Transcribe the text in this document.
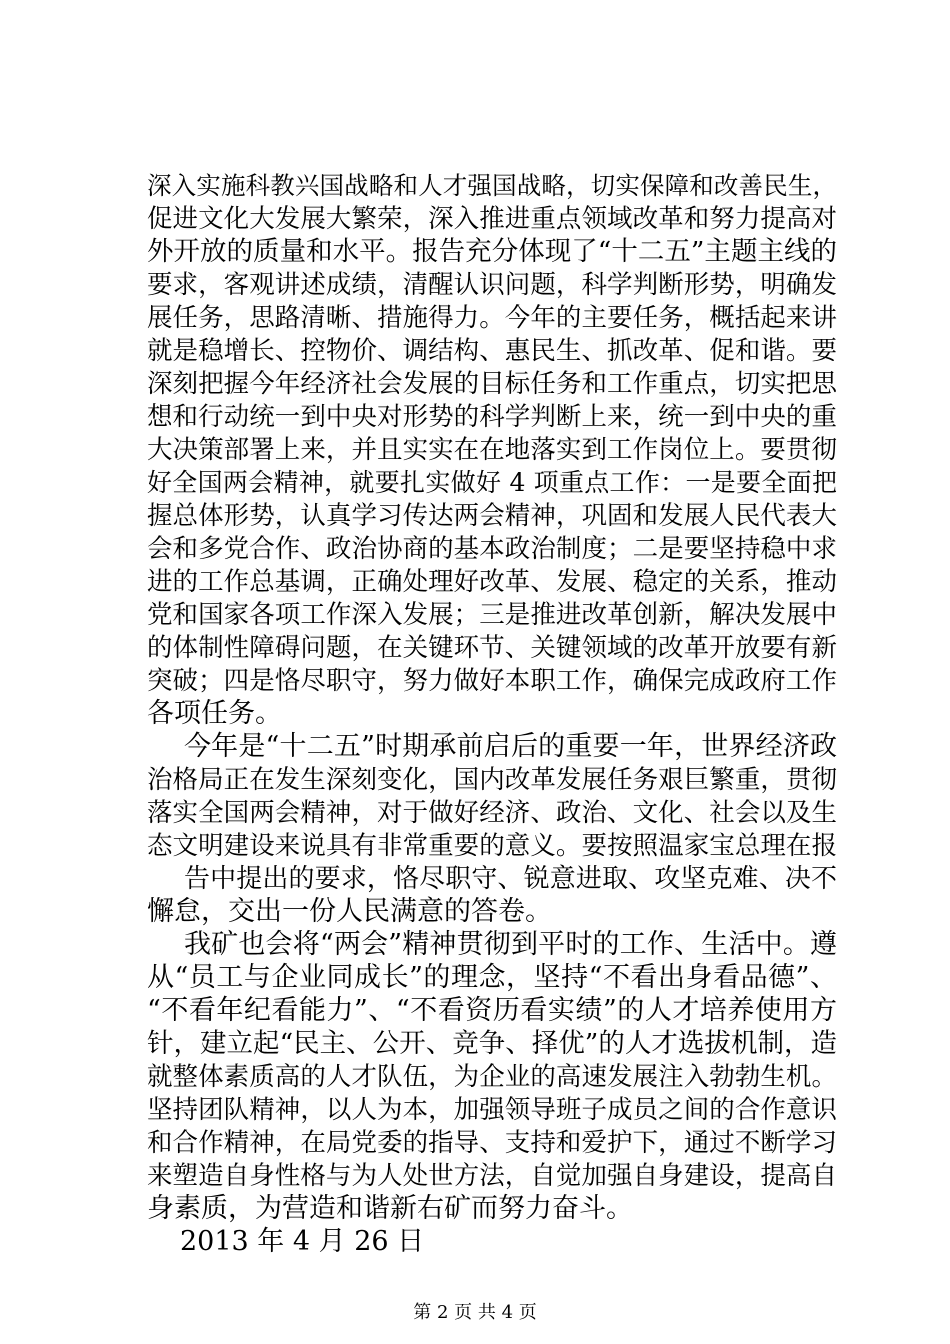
深入实施科教兴国战略和人才强国战略，切实保障和改善民生，
促进文化大发展大繁荣，深入推进重点领域改革和努力提高对
外开放的质量和水平。报告充分体现了“十二五”主题主线的
要求，客观讲述成绩，清醒认识问题，科学判断形势，明确发
展任务，思路清晰、措施得力。今年的主要任务，概括起来讲
就是稳增长、控物价、调结构、惠民生、抓改革、促和谐。要
深刻把握今年经济社会发展的目标任务和工作重点，切实把思
想和行动统一到中央对形势的科学判断上来，统一到中央的重
大决策部署上来，并且实实在在地落实到工作岗位上。要贯彻
好全国两会精神，就要扎实做好 4 项重点工作：一是要全面把
握总体形势，认真学习传达两会精神，巩固和发展人民代表大
会和多党合作、政治协商的基本政治制度；二是要坚持稳中求
进的工作总基调，正确处理好改革、发展、稳定的关系，推动
党和国家各项工作深入发展；三是推进改革创新，解决发展中
的体制性障碍问题，在关键环节、关键领域的改革开放要有新
突破；四是恪尽职守，努力做好本职工作，确保完成政府工作
各项任务。
今年是“十二五”时期承前启后的重要一年，世界经济政
治格局正在发生深刻变化，国内改革发展任务艰巨繁重，贯彻
落实全国两会精神，对于做好经济、政治、文化、社会以及生
态文明建设来说具有非常重要的意义。要按照温家宝总理在报
告中提出的要求，恪尽职守、锐意进取、攻坚克难、决不
懈怠，交出一份人民满意的答卷。
我矿也会将“两会”精神贯彻到平时的工作、生活中。遵
从“员工与企业同成长”的理念，坚持“不看出身看品德”、
“不看年纪看能力”、“不看资历看实绩”的人才培养使用方
针，建立起“民主、公开、竞争、择优”的人才选拔机制，造
就整体素质高的人才队伍，为企业的高速发展注入勃勃生机。
坚持团队精神，以人为本，加强领导班子成员之间的合作意识
和合作精神，在局党委的指导、支持和爱护下，通过不断学习
来塑造自身性格与为人处世方法，自觉加强自身建设，提高自
身素质，为营造和谐新右矿而努力奋斗。
2013 年 4 月 26 日
第 2 页 共 4 页
